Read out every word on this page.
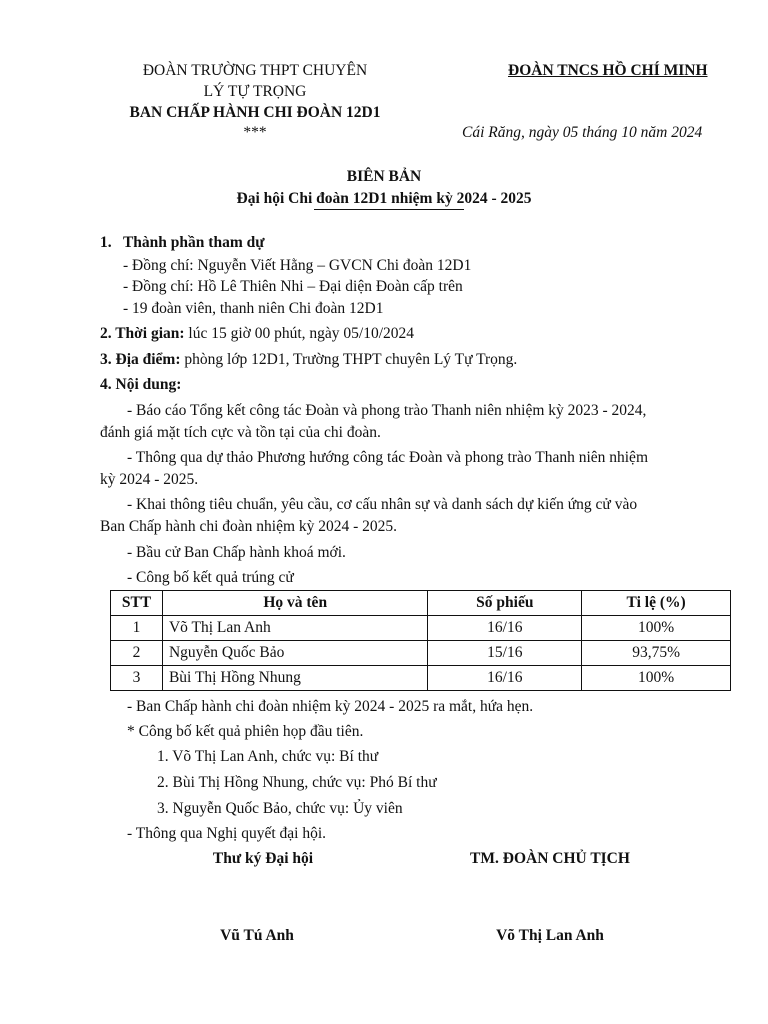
ĐOÀN TRƯỜNG THPT CHUYÊN
LÝ TỰ TRỌNG
BAN CHẤP HÀNH CHI ĐOÀN 12D1
***
ĐOÀN TNCS HỒ CHÍ MINH
Cái Răng, ngày 05 tháng 10 năm 2024
BIÊN BẢN
Đại hội Chi đoàn 12D1 nhiệm kỳ 2024 - 2025
1.   Thành phần tham dự
- Đồng chí: Nguyễn Viết Hằng – GVCN Chi đoàn 12D1
- Đồng chí: Hồ Lê Thiên Nhi – Đại diện Đoàn cấp trên
- 19 đoàn viên, thanh niên Chi đoàn 12D1
2. Thời gian: lúc 15 giờ 00 phút, ngày 05/10/2024
3. Địa điểm: phòng lớp 12D1, Trường THPT chuyên Lý Tự Trọng.
4. Nội dung:
- Báo cáo Tổng kết công tác Đoàn và phong trào Thanh niên nhiệm kỳ 2023 - 2024,
đánh giá mặt tích cực và tồn tại của chi đoàn.
- Thông qua dự thảo Phương hướng công tác Đoàn và phong trào Thanh niên nhiệm
kỳ 2024 - 2025.
- Khai thông tiêu chuẩn, yêu cầu, cơ cấu nhân sự và danh sách dự kiến ứng cử vào
Ban Chấp hành chi đoàn nhiệm kỳ 2024 - 2025.
- Bầu cử Ban Chấp hành khoá mới.
- Công bố kết quả trúng cử
STT	Họ và tên	Số phiếu	Ti lệ (%)
1	Võ Thị Lan Anh	16/16	100%
2	Nguyễn Quốc Bảo	15/16	93,75%
3	Bùi Thị Hồng Nhung	16/16	100%
- Ban Chấp hành chi đoàn nhiệm kỳ 2024 - 2025 ra mắt, hứa hẹn.
* Công bố kết quả phiên họp đầu tiên.
1. Võ Thị Lan Anh, chức vụ: Bí thư
2. Bùi Thị Hồng Nhung, chức vụ: Phó Bí thư
3. Nguyễn Quốc Bảo, chức vụ: Ủy viên
- Thông qua Nghị quyết đại hội.
Thư ký Đại hội	TM. ĐOÀN CHỦ TỊCH
Vũ Tú Anh	Võ Thị Lan Anh
